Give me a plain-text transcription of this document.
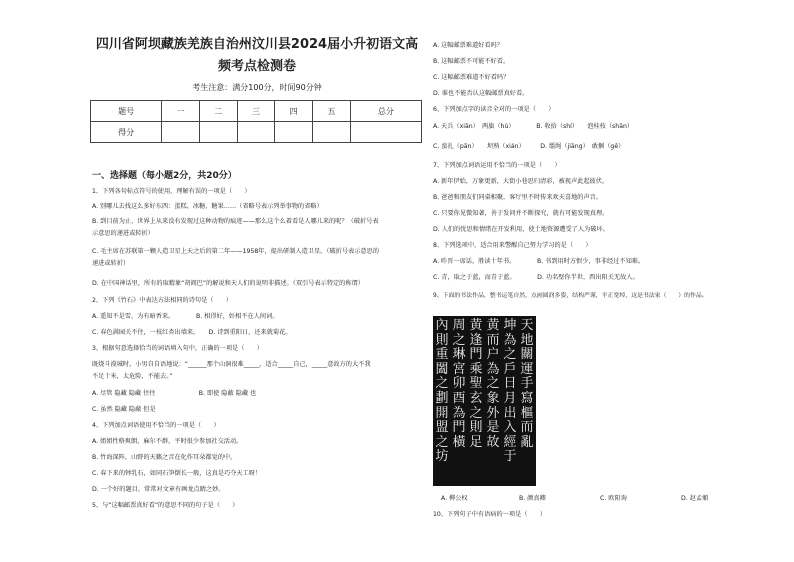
四川省阿坝藏族羌族自治州汶川县2024届小升初语文高频考点检测卷
考生注意：满分100分，时间90分钟
题号	一	二	三	四	五	总分
得分						
一、选择题（每小题2分，共20分）
1、下列各句标点符号的使用，理解有误的一项是（　　）
A. 别哪儿去找这么多好东西：蛋糕、冰糖、糖果……（省略号表示列举事物的省略）
B. 到目前为止，世界上从来没有发现过这种动物的痕迹——那么这个么着看是人哪儿来的呢？（破折号表
示意思的递进或转折）
C. 毛主席在苏联第一颗人造卫星上天之后的第二年——1958年，提出研制人造卫星。（破折号表示意思的
递进或转折）
D. 在中国神话里，所有的取精象“胡阎巴”的解说和天人们的说明非描述。（双引号表示特定的称谓）
2、下列《竹石》中表达方法相同的诗句是（　　）
A. 遥知不是雪，为有暗香来。　　　　B. 相得好，奸相不在人间词。
C. 春色满园关不住，一枝红杏出墙来。　　D. 诗到重阳日，还来就菊花。
3、根据句意选择恰当的词语填入句中，正确的一项是（　　）
既烧斗漠城时，小男自自语地说：“______那个山洞很难_____，适合_____自己，_____意故方的大不我
不足十米，太危险，不能去。”
A. 尽管 隐藏 隐藏 往往　　　　　　　B. 即使 隐蔽 隐藏 也
C. 虽然 隐藏 隐蔽 但是
4、下列加点词语使用不恰当的一项是（　　）
A. 姐姐性格爽朗，麻尔不群，平时很少参加社交活动。
B. 竹海深阵，山野的天籁之音在化作耳朵都觉的中。
C. 春下来的钟乳石，如同石笋倒长一般，这真是巧夺天工呀！
D. 一个好的题目，常常对文章有画龙点睛之妙。
5、与“这幅邮票真好看”的意思不同的句子是（　　）
A. 这幅邮票难道好看吗？
B. 这幅邮票不可能不好看。
C. 这幅邮票难道不好看吗？
D. 谁也不能否认这幅邮票真好看。
6、下列加点字的读音全对的一项是（　　）
A. 天兵（xiān）　两旗（hù）　　　　B. 收拾（shí）　　泡桂枝（shān）
C. 蛮扎（pān）　　坝熟（xián）　　　D. 缰绳（jiāng）　敢捆（gē）
7、下列加点词语运用不恰当的一项是（　　）
A. 新年伊始，万象更新，大街小巷思归清彩，被视声此起彼伏。
B. 爸爸和朋友们同桌相聚，客厅里不时传来欢天喜地的声音。
C. 只要你见微知著，善于发问并不断探究，就有可能发现真理。
D. 人们的忧思和情绪在开发利用，使土地资源遭受了人为破坏。
8、下列选项中，适合用来警醒自己努力学习的是（　　）
A. 昨晋一席话，胜读十年书。　　　　B. 书到用时方恨少，事非经过不知难。
C. 青，取之于蓝，而青于蓝。　　　　D. 功名壁你半世，西出阳关无故人。
9、下面的书法作品，整书运笔自然，点画圆润多姿，结构严谨，平正宽绰，这是书法家（　　）的作品。
天地關運手寫樞而亂
坤為之戶日月出入經于
黄而户為之象外是故
黄逢門乘聖玄之則足
周之琳宮卯酉為門橫
內則重闔之劃開盟之坊
A. 柳公权	B. 颜真卿	C. 欧阳询	D. 赵孟頫
10、下列句子中有语病的一项是（　　）
